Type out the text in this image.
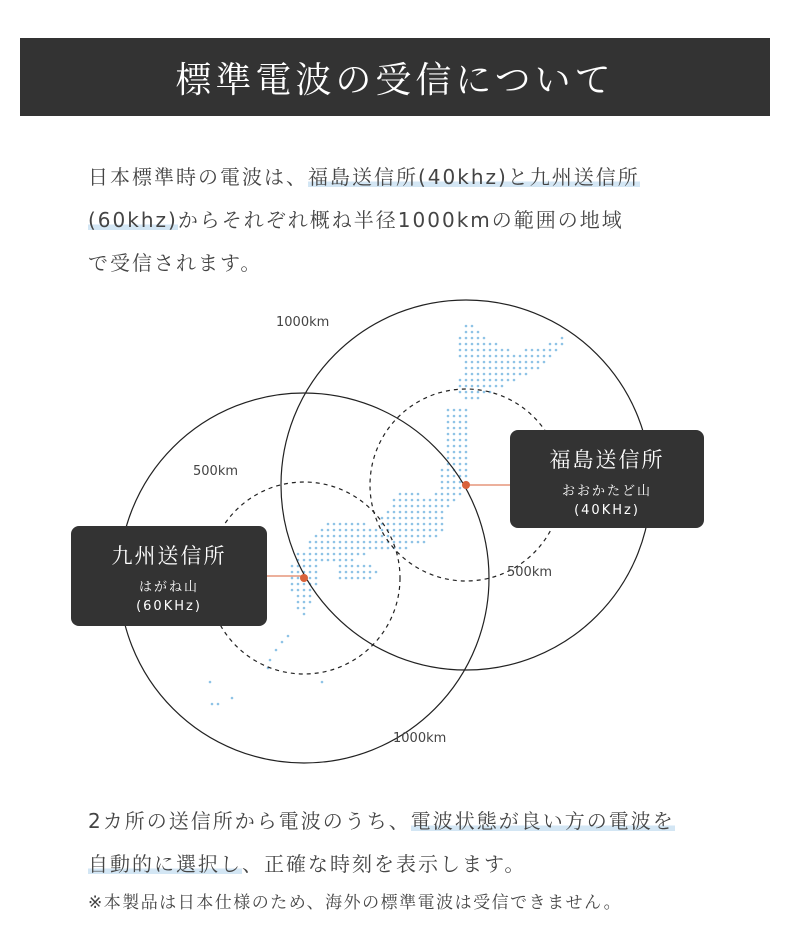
標準電波の受信について

日本標準時の電波は、福島送信所(40khz)と九州送信所

(60khz)からそれぞれ概ね半径1000kmの範囲の地域

で受信されます。

1000km
500km
500km
1000km
福島送信所
おおかたど山
(40KHz)
九州送信所
はがね山
(60KHz)

2カ所の送信所から電波のうち、電波状態が良い方の電波を

自動的に選択し、正確な時刻を表示します。

※本製品は日本仕様のため、海外の標準電波は受信できません。
